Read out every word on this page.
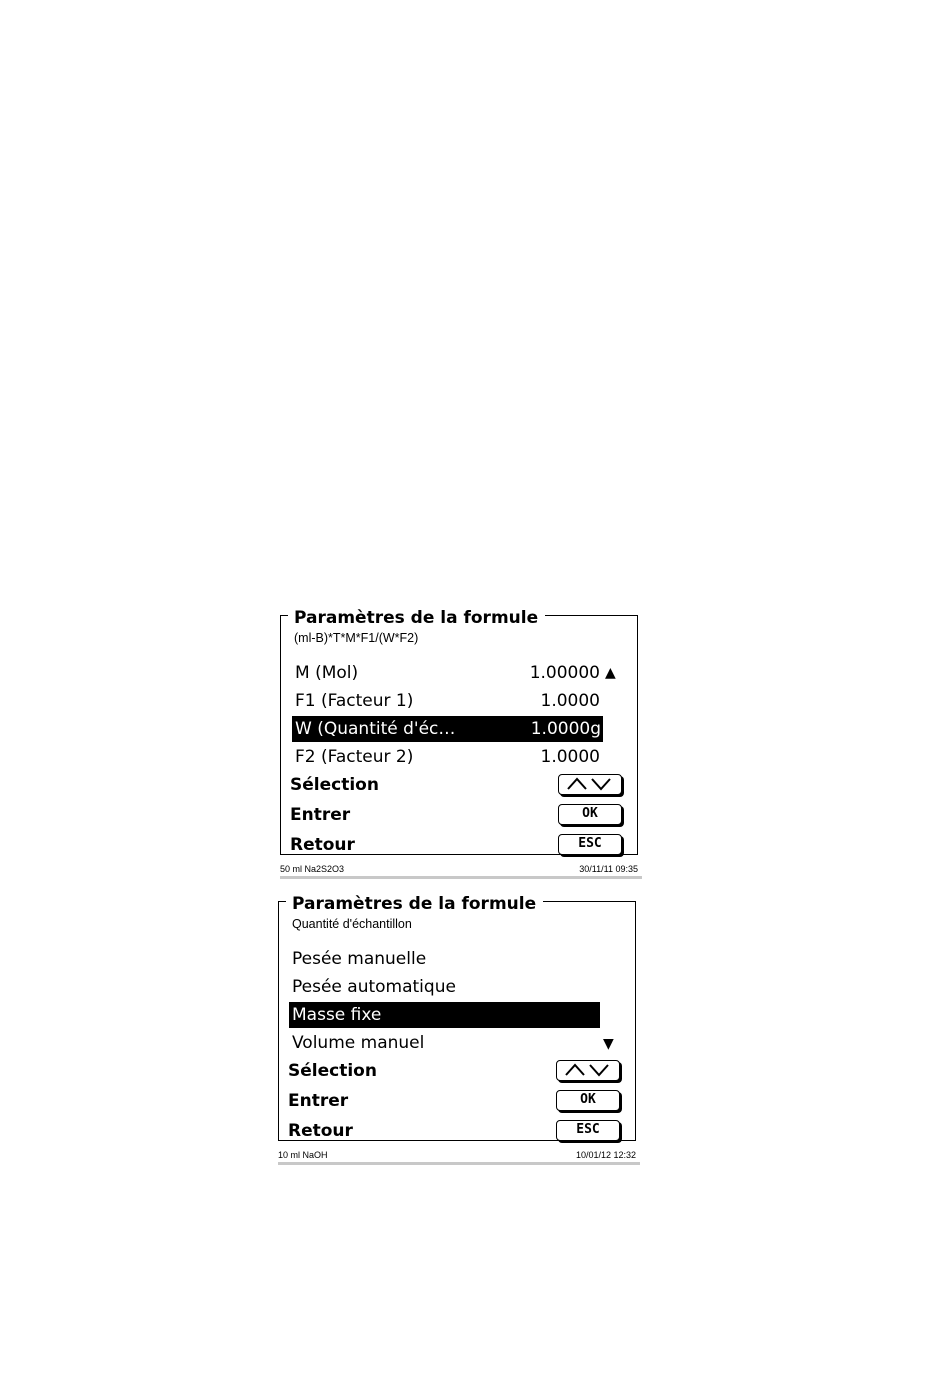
Paramètres de la formule
(ml-B)*T*M*F1/(W*F2)
M (Mol)	1.00000 ▲
F1 (Facteur 1)	1.0000
W (Quantité d'éc…	1.0000g
F2 (Facteur 2)	1.0000
Sélection
Entrer	OK
Retour	ESC
50 ml Na2S2O3	30/11/11 09:35
Paramètres de la formule
Quantité d'échantillon
Pesée manuelle
Pesée automatique
Masse fixe
Volume manuel	▼
Sélection
Entrer	OK
Retour	ESC
10 ml NaOH	10/01/12 12:32
